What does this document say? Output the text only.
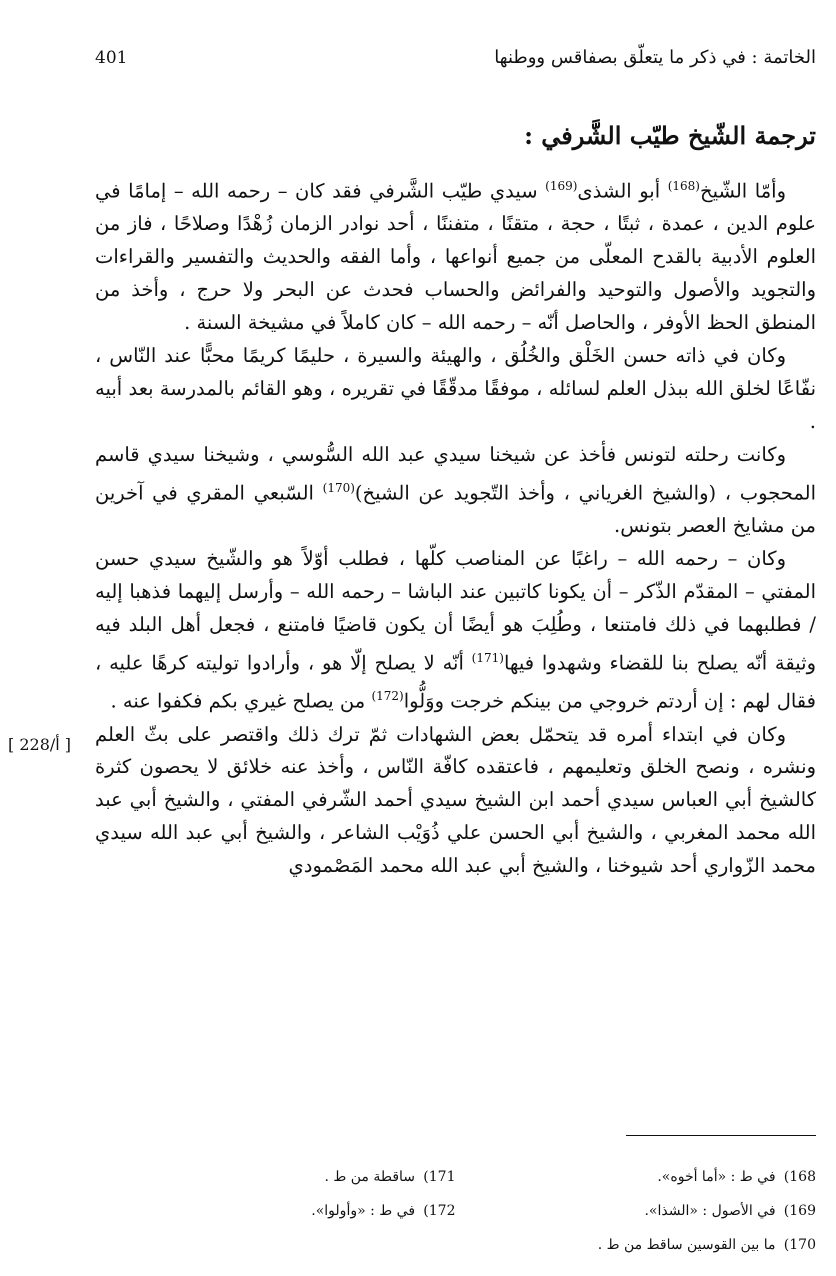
الخاتمة : في ذكر ما يتعلّق بصفاقس ووطنها
401
ترجمة الشّيخ طيّب الشَّرفي :

وأمّا الشّيخ$^{(168)}$ أبو الشذى$^{(169)}$ سيدي طيّب الشَّرفي فقد كان – رحمه الله – إمامًا في علوم الدين ، عمدة ، ثبتًا ، حجة ، متقنًا ، متفننًا ، أحد نوادر الزمان زُهْدًا وصلاحًا ، فاز من العلوم الأدبية بالقدح المعلّى من جميع أنواعها ، وأما الفقه والحديث والتفسير والقراءات والتجويد والأصول والتوحيد والفرائض والحساب فحدث عن البحر ولا حرج ، وأخذ من المنطق الحظ الأوفر ، والحاصل أنّه – رحمه الله – كان كاملاً في مشيخة السنة .

وكان في ذاته حسن الخَلْق والخُلُق ، والهيئة والسيرة ، حليمًا كريمًا محبًّا عند النّاس ، نفّاعًا لخلق الله ببذل العلم لسائله ، موفقًا مدقّقًا في تقريره ، وهو القائم بالمدرسة بعد أبيه .

وكانت رحلته لتونس فأخذ عن شيخنا سيدي عبد الله السُّوسي ، وشيخنا سيدي قاسم المحجوب ، (والشيخ الغرياني ، وأخذ التّجويد عن الشيخ)$^{(170)}$ السّبعي المقري في آخرين من مشايخ العصر بتونس.

وكان – رحمه الله – راغبًا عن المناصب كلّها ، فطلب أوّلاً هو والشّيخ سيدي حسن المفتي – المقدّم الذّكر – أن يكونا كاتبين عند الباشا – رحمه الله – وأرسل إليهما فذهبا إليه / فطلبهما في ذلك فامتنعا ، وطُلِبَ هو أيضًا أن يكون قاضيًا فامتنع ، فجعل أهل البلد فيه وثيقة أنّه يصلح بنا للقضاء وشهدوا فيها$^{(171)}$ أنّه لا يصلح إلّا هو ، وأرادوا توليته كرهًا عليه ، فقال لهم : إن أردتم خروجي من بينكم خرجت ووَلُّوا$^{(172)}$ من يصلح غيري بكم فكفوا عنه .

وكان في ابتداء أمره قد يتحمّل بعض الشهادات ثمّ ترك ذلك واقتصر على بثّ العلم ونشره ، ونصح الخلق وتعليمهم ، فاعتقده كافّة النّاس ، وأخذ عنه خلائق لا يحصون كثرة كالشيخ أبي العباس سيدي أحمد ابن الشيخ سيدي أحمد الشّرفي المفتي ، والشيخ أبي عبد الله محمد المغربي ، والشيخ أبي الحسن علي ذُوَيْب الشاعر ، والشيخ أبي عبد الله سيدي محمد الزّواري أحد شيوخنا ، والشيخ أبي عبد الله محمد المَصْمودي

[ 228/أ ]
168) في ط : «أما أخوه».
171) ساقطة من ط .
169) في الأصول : «الشذا».
172) في ط : «وأولوا».
170) ما بين القوسين ساقط من ط .
